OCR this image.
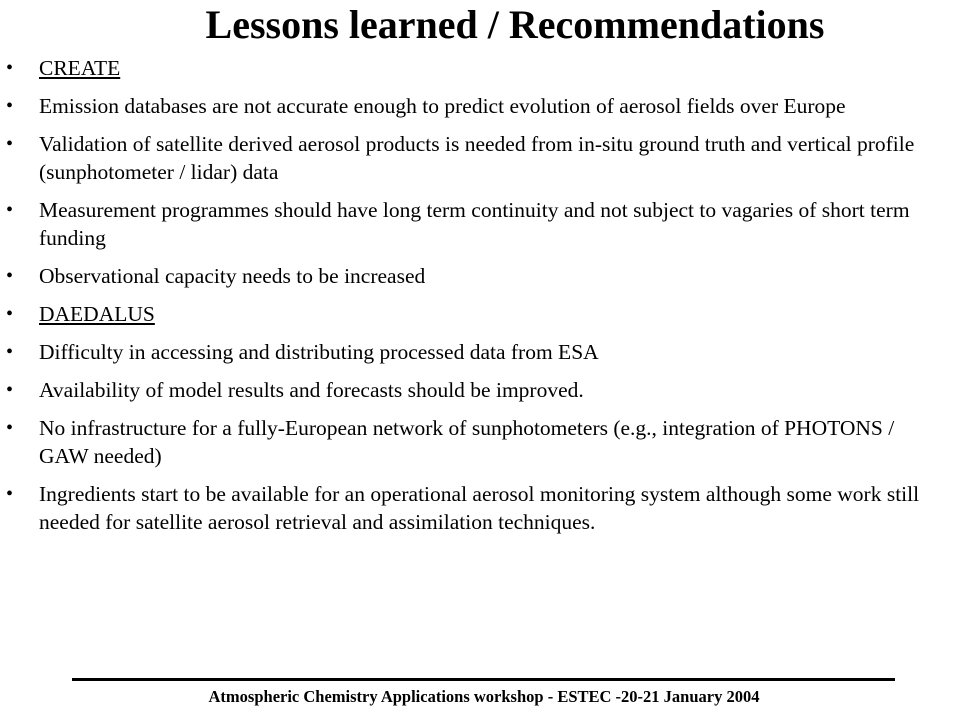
Lessons learned / Recommendations
• CREATE
• Emission databases are not accurate enough to predict evolution of aerosol fields over Europe
• Validation of satellite derived aerosol products is needed from in-situ ground truth and vertical profile (sunphotometer / lidar) data
• Measurement programmes should have long term continuity and not subject to vagaries of short term funding
• Observational capacity needs to be increased
• DAEDALUS
• Difficulty in accessing and distributing processed data from ESA
• Availability of model results and forecasts should be improved.
• No infrastructure for a fully-European network of sunphotometers (e.g., integration of PHOTONS / GAW needed)
• Ingredients start to be available for an operational aerosol monitoring system although some work still needed for satellite aerosol retrieval and assimilation techniques.
Atmospheric Chemistry Applications workshop - ESTEC -20-21 January 2004
